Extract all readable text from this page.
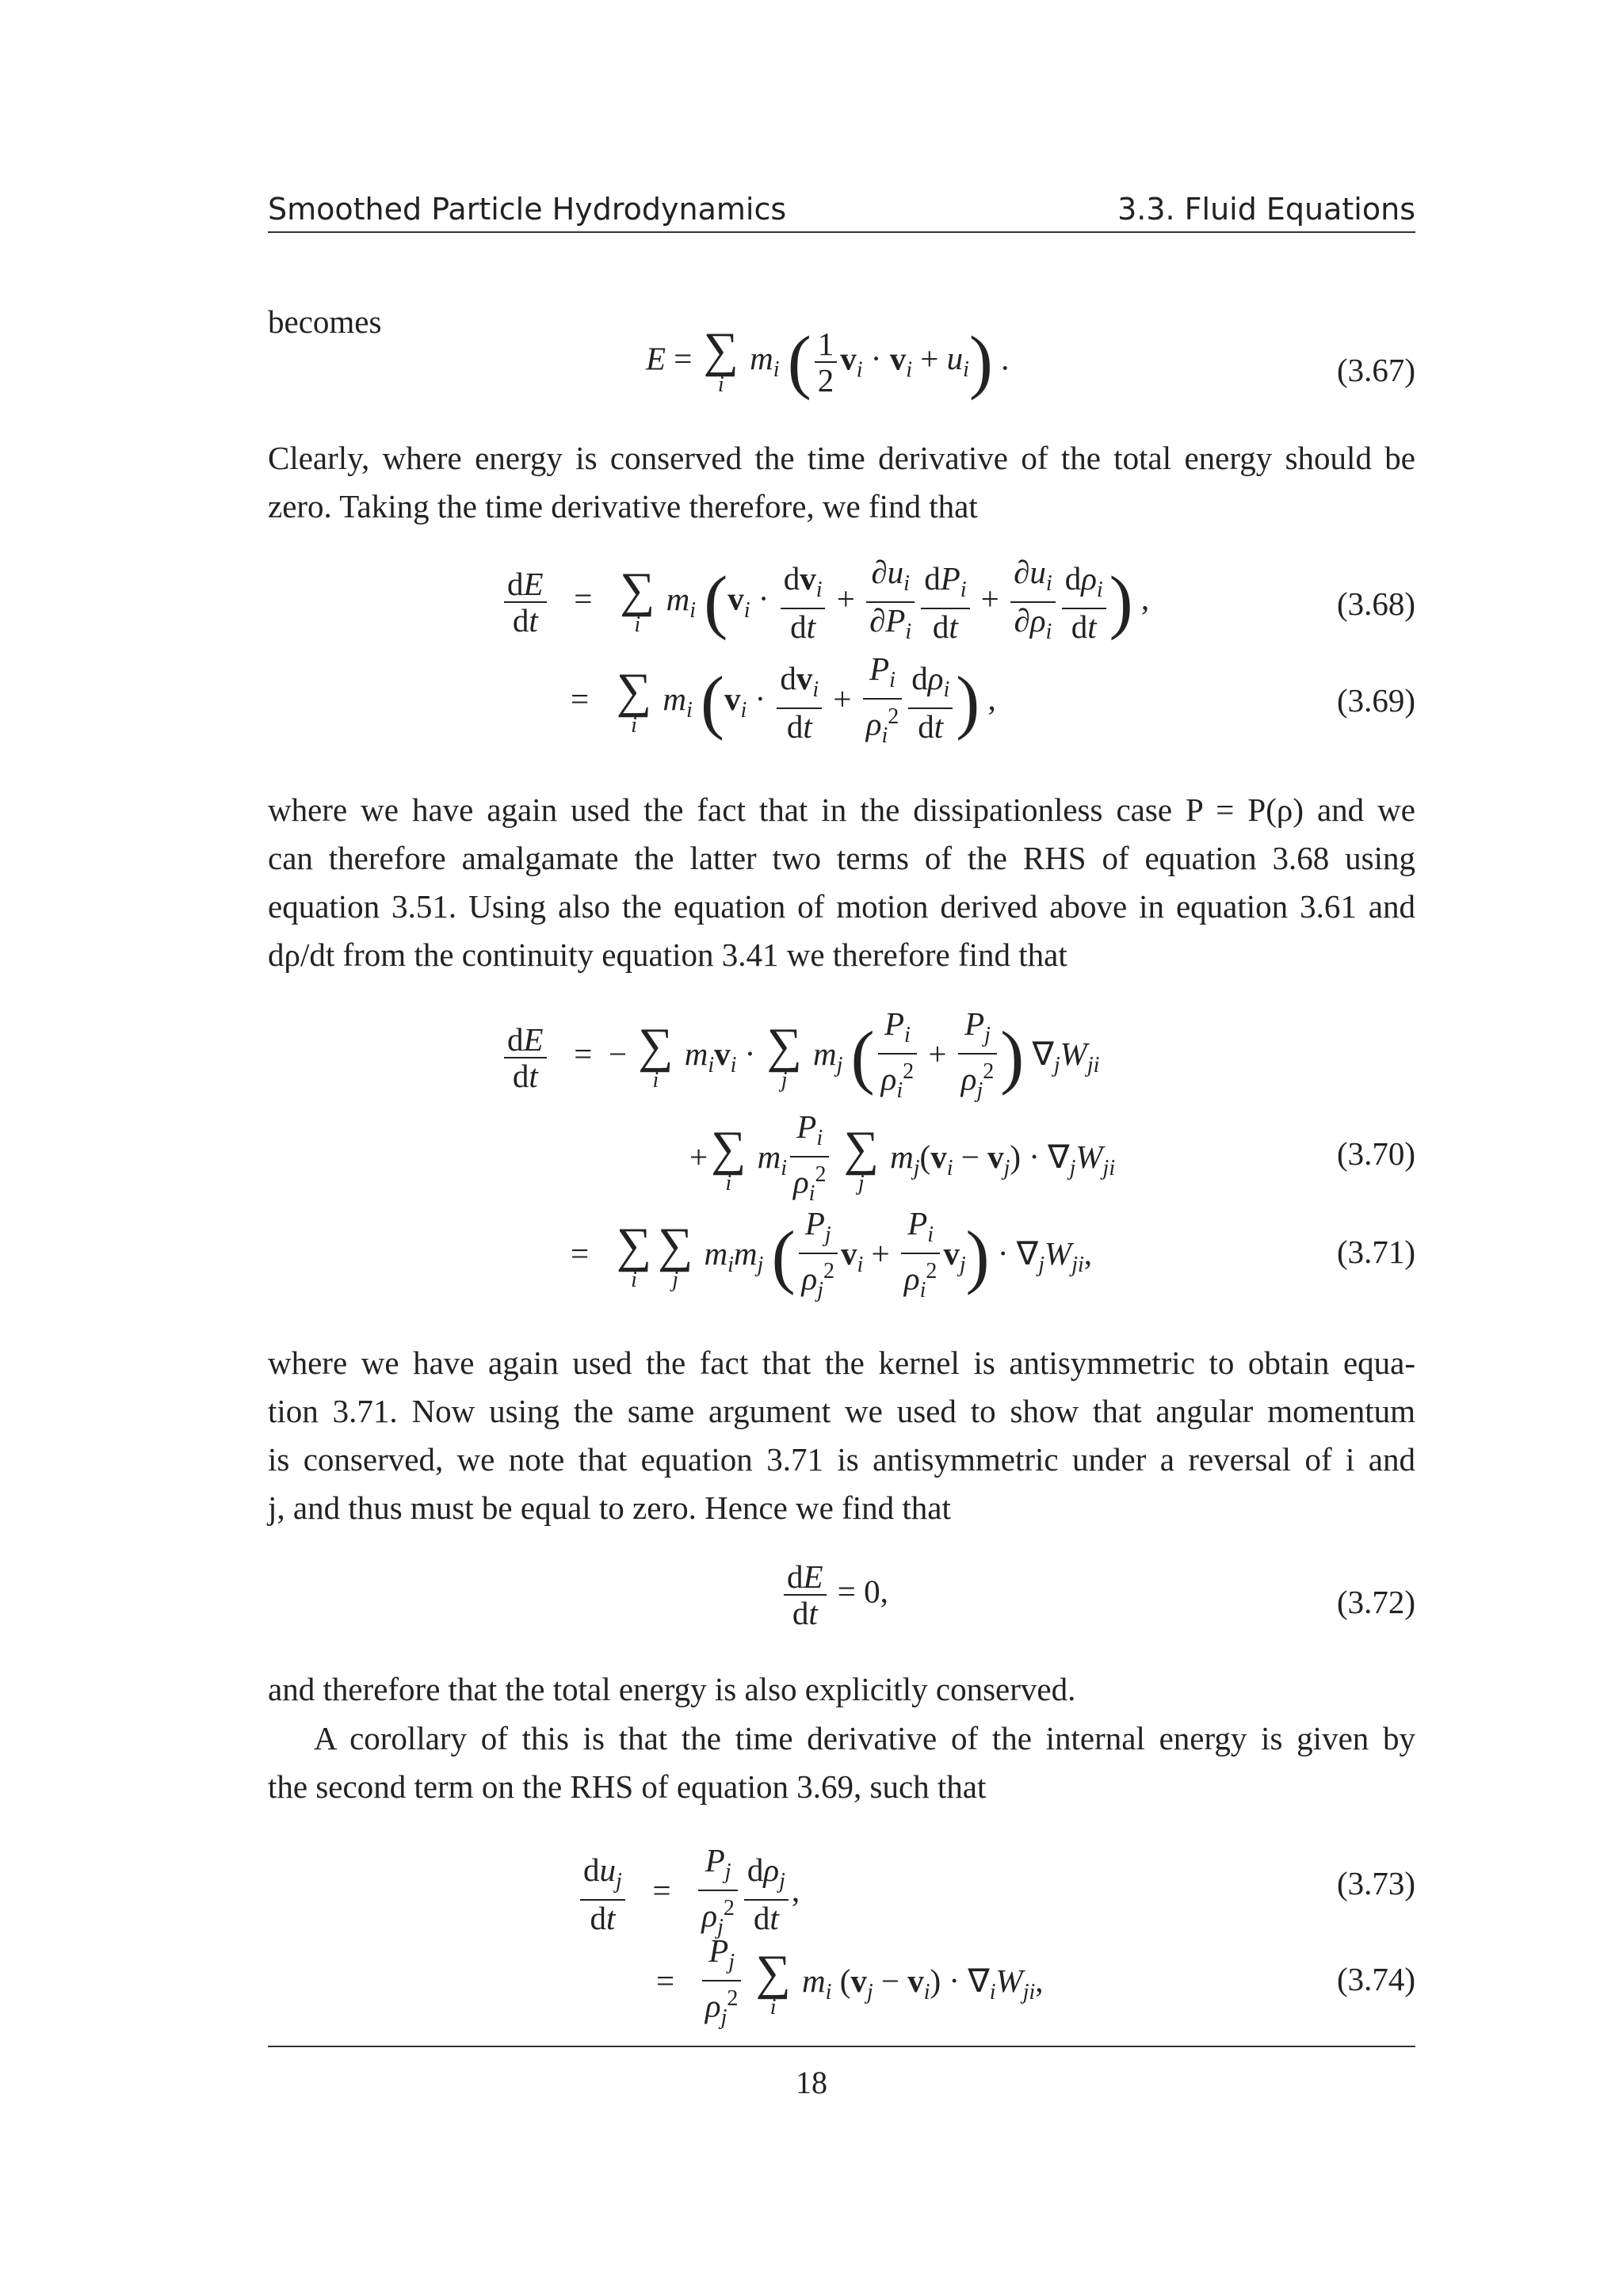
Smoothed Particle Hydrodynamics	3.3. Fluid Equations
becomes
E = ∑
i
$m_i$ ( $\frac{1}{2} v_i \cdot v_i + u_i$) .	(3.67)
Clearly, where energy is conserved the time derivative of the total energy should be
zero. Taking the time derivative therefore, we find that
$\frac{dE}{dt}$ = ∑
i
$m_i$ ($v_i \cdot \frac{dv_i}{dt} + \frac{\partial u_i}{\partial P_i} \frac{dP_i}{dt} + \frac{\partial u_i}{\partial\rho_i} \frac{d\rho_i}{dt}$ ) ,	(3.68)
= ∑
i
$m_i$ ($v_i \cdot \frac{dv_i}{dt} + \frac{P_i}{\rho_i^2} \frac{d\rho_i}{dt}$ ) ,	(3.69)
where we have again used the fact that in the dissipationless case P = P(ρ) and we
can therefore amalgamate the latter two terms of the RHS of equation 3.68 using
equation 3.51. Using also the equation of motion derived above in equation 3.61 and
dρ/dt from the continuity equation 3.41 we therefore find that
$\frac{dE}{dt}$ =  − ∑
i
$m_iv_i$ · ∑
j
$m_j$ ( $\frac{P_i}{\rho_i^2} + \frac{P_j}{\rho_j^2}$ ) $\nabla_jW_{ji}$
+ ∑
i
$m_i \frac{P_i}{\rho_i^2}$
∑
j
$m_j(v_i - v_j) \cdot \nabla_jW_{ji}$	(3.70)
= ∑
i
∑
j
$m_im_j$ ( $\frac{P_j}{\rho_j^2} v_i + \frac{P_i}{\rho_i^2} v_j) \cdot \nabla_jW_{ji}$,	(3.71)
where we have again used the fact that the kernel is antisymmetric to obtain equa-
tion 3.71. Now using the same argument we used to show that angular momentum
is conserved, we note that equation 3.71 is antisymmetric under a reversal of i and
j, and thus must be equal to zero. Hence we find that
$\frac{dE}{dt} = 0$,	(3.72)
and therefore that the total energy is also explicitly conserved.
A corollary of this is that the time derivative of the internal energy is given by
the second term on the RHS of equation 3.69, such that
$\frac{du_j}{dt} = \frac{P_j}{\rho_j^2} \frac{d\rho_j}{dt}$ ,	(3.73)
= $\frac{P_j}{\rho_j^2}$
∑
i
$m_i$ $(v_j - v_i) \cdot \nabla_iW_{ji}$,	(3.74)
18
